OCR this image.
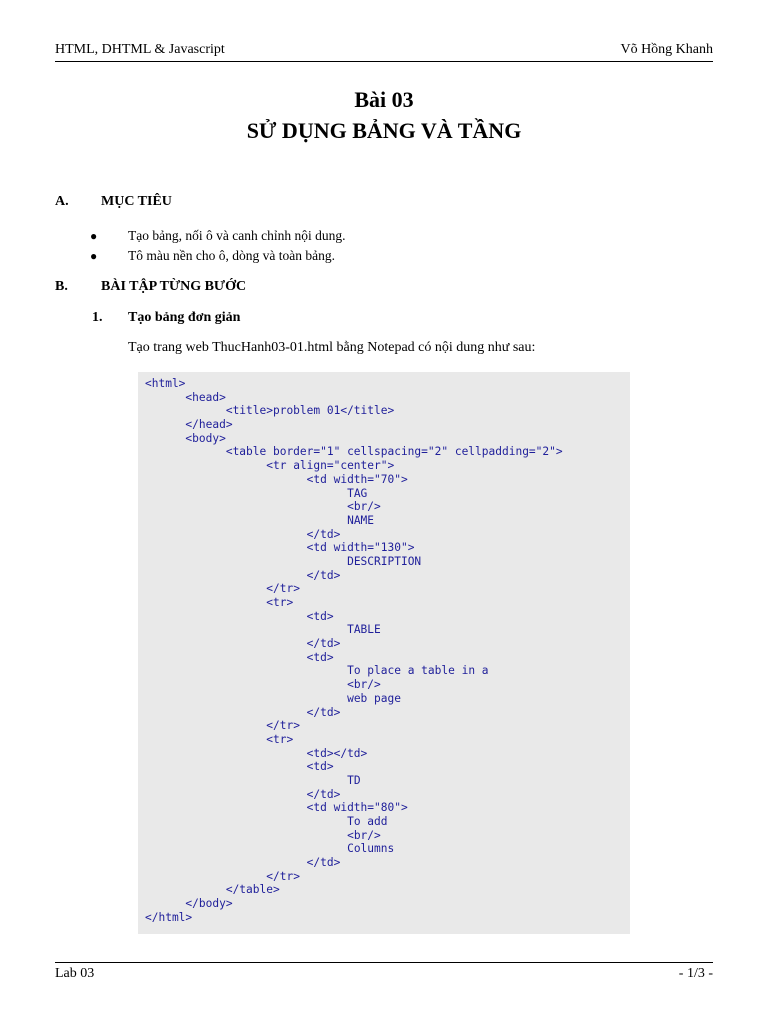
HTML, DHTML & Javascript	Võ Hồng Khanh
Bài 03
SỬ DỤNG BẢNG VÀ TẦNG
A. MỤC TIÊU
●	Tạo bảng, nối ô và canh chỉnh nội dung.
●	Tô màu nền cho ô, dòng và toàn bảng.
B. BÀI TẬP TỪNG BƯỚC
1. Tạo bảng đơn giản
Tạo trang web ThucHanh03-01.html bằng Notepad có nội dung như sau:
<html>
	<head>
		<title>problem 01</title>
	</head>
	<body>
		<table border="1" cellspacing="2" cellpadding="2">
			<tr align="center">
				<td width="70">
					TAG
					<br/>
					NAME
				</td>
				<td width="130">
					DESCRIPTION
				</td>
			</tr>
			<tr>
				<td>
					TABLE
				</td>
				<td>
					To place a table in a
					<br/>
					web page
				</td>
			</tr>
			<tr>
				<td></td>
				<td>
					TD
				</td>
				<td width="80">
					To add
					<br/>
					Columns
				</td>
			</tr>
		</table>
	</body>
</html>
Lab 03	- 1/3 -
